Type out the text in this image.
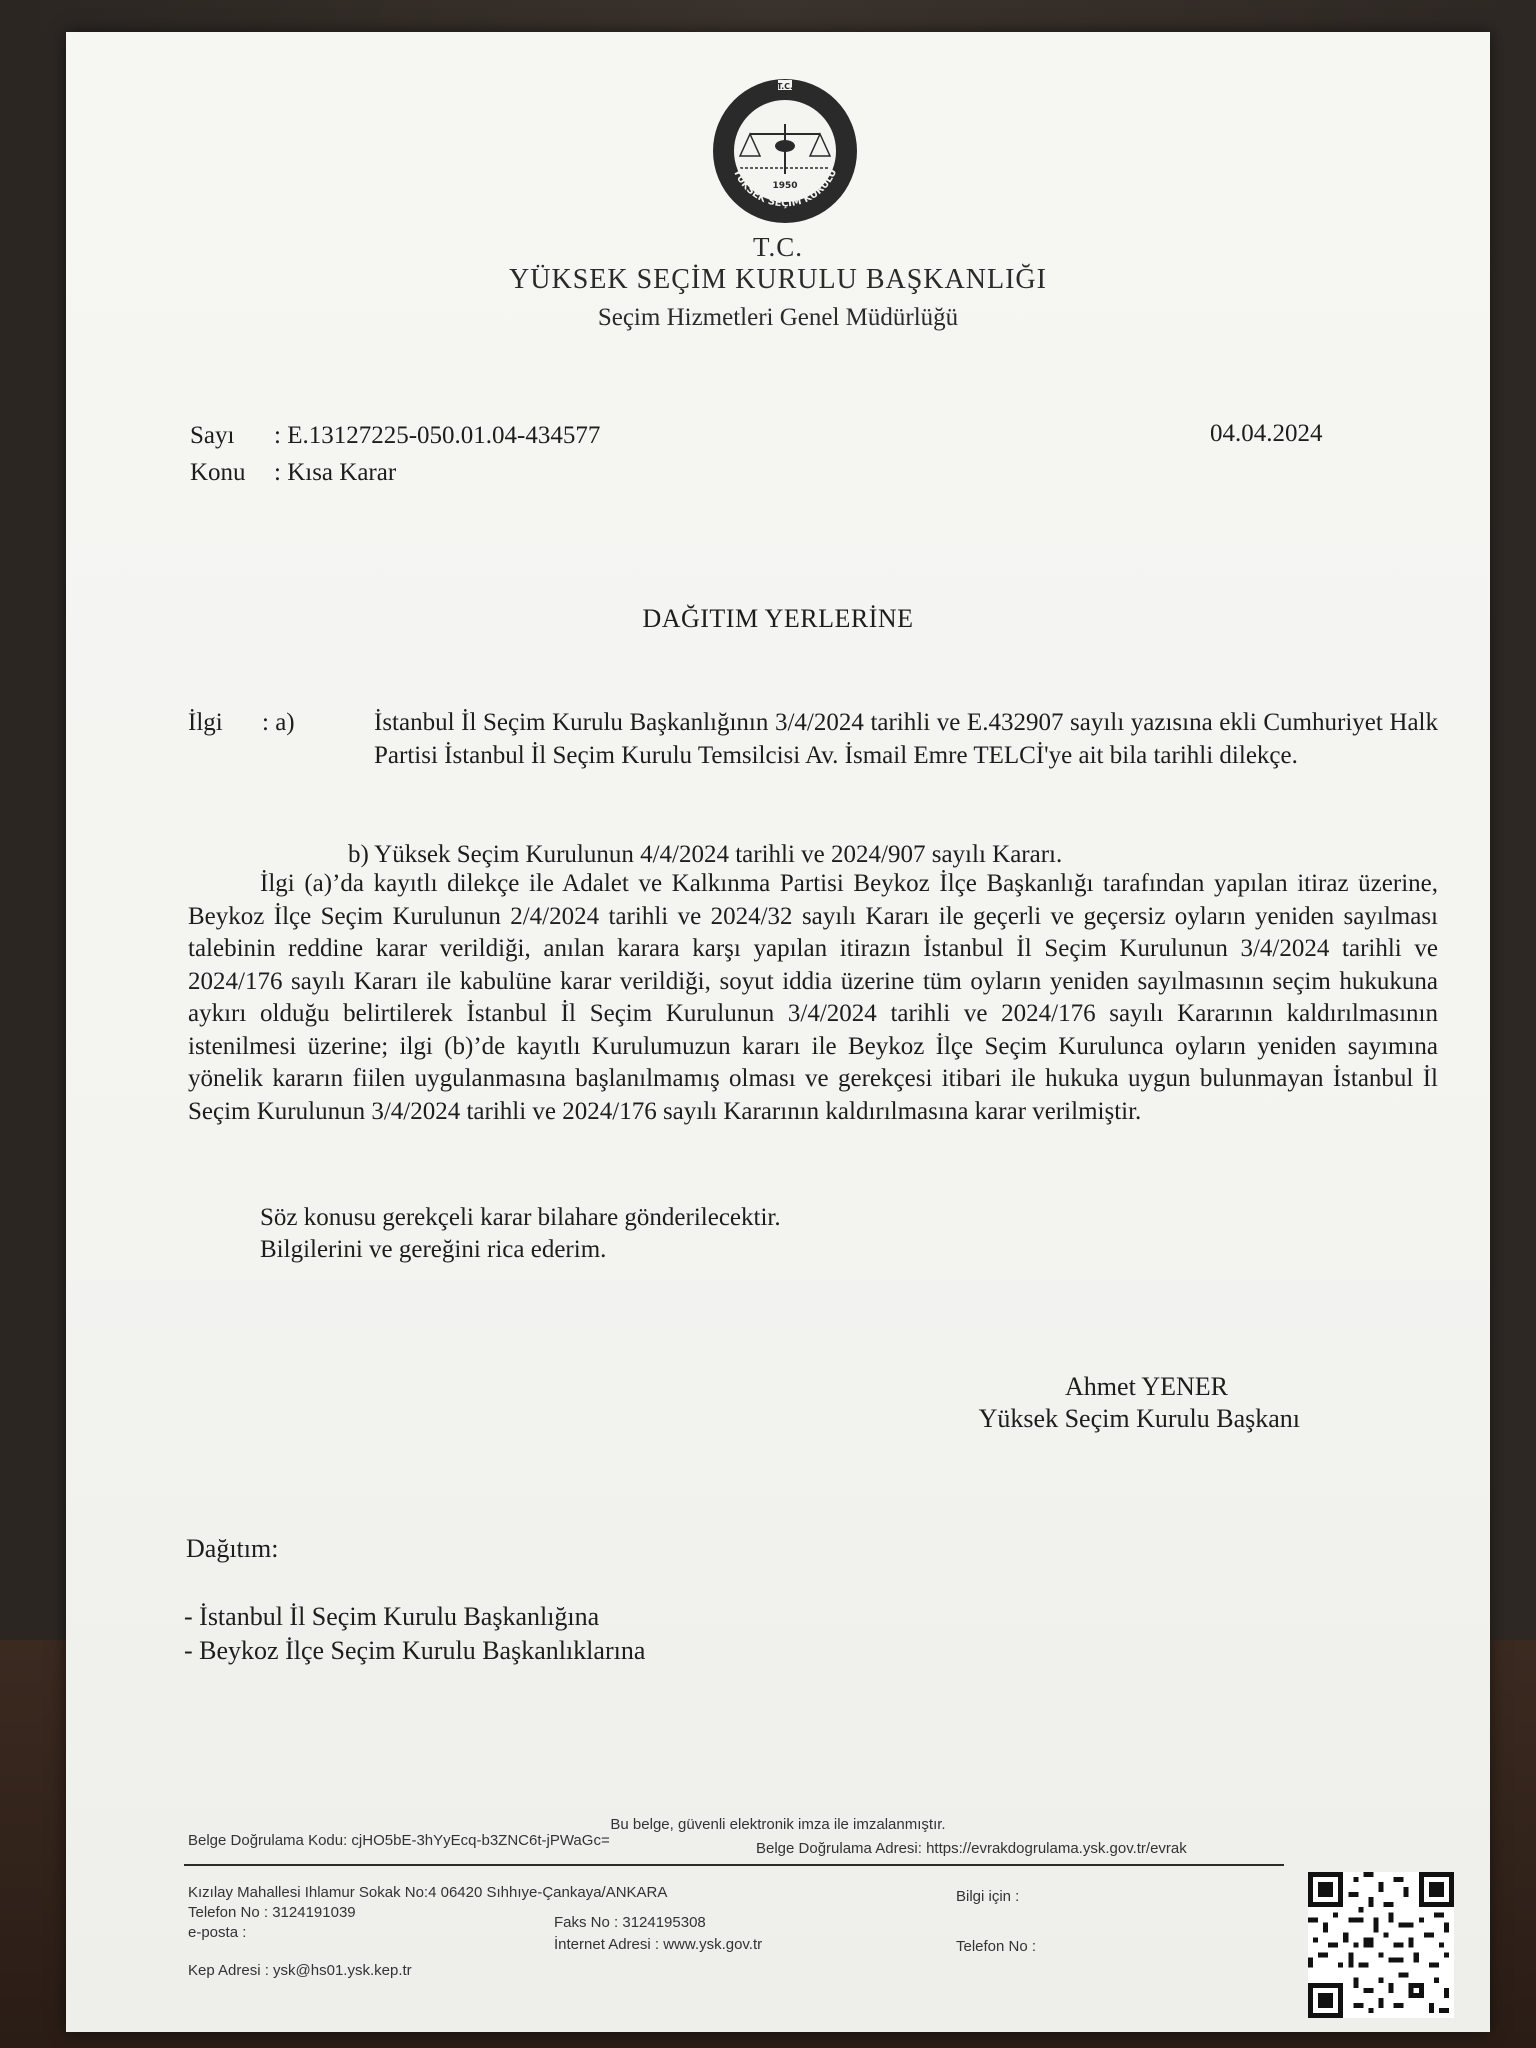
1950
T.C.
YÜKSEK SEÇİM KURULU
T.C.
YÜKSEK SEÇİM KURULU BAŞKANLIĞI
Seçim Hizmetleri Genel Müdürlüğü
Sayı : E.13127225-050.01.04-434577
Konu : Kısa Karar
04.04.2024
DAĞITIM YERLERİNE
İlgi : a)	İstanbul İl Seçim Kurulu Başkanlığının 3/4/2024 tarihli ve E.432907 sayılı yazısına ekli Cumhuriyet Halk Partisi İstanbul İl Seçim Kurulu Temsilcisi Av. İsmail Emre TELCİ'ye ait bila tarihli dilekçe.
b) Yüksek Seçim Kurulunun 4/4/2024 tarihli ve 2024/907 sayılı Kararı.
İlgi (a)’da kayıtlı dilekçe ile Adalet ve Kalkınma Partisi Beykoz İlçe Başkanlığı tarafından yapılan itiraz üzerine, Beykoz İlçe Seçim Kurulunun 2/4/2024 tarihli ve 2024/32 sayılı Kararı ile geçerli ve geçersiz oyların yeniden sayılması talebinin reddine karar verildiği, anılan karara karşı yapılan itirazın İstanbul İl Seçim Kurulunun 3/4/2024 tarihli ve 2024/176 sayılı Kararı ile kabulüne karar verildiği, soyut iddia üzerine tüm oyların yeniden sayılmasının seçim hukukuna aykırı olduğu belirtilerek İstanbul İl Seçim Kurulunun 3/4/2024 tarihli ve 2024/176 sayılı Kararının kaldırılmasının istenilmesi üzerine; ilgi (b)’de kayıtlı Kurulumuzun kararı ile Beykoz İlçe Seçim Kurulunca oyların yeniden sayımına yönelik kararın fiilen uygulanmasına başlanılmamış olması ve gerekçesi itibari ile hukuka uygun bulunmayan İstanbul İl Seçim Kurulunun 3/4/2024 tarihli ve 2024/176 sayılı Kararının kaldırılmasına karar verilmiştir.
Söz konusu gerekçeli karar bilahare gönderilecektir.
Bilgilerini ve gereğini rica ederim.
Ahmet YENER
Yüksek Seçim Kurulu Başkanı
Dağıtım:
- İstanbul İl Seçim Kurulu Başkanlığına
- Beykoz İlçe Seçim Kurulu Başkanlıklarına
Bu belge, güvenli elektronik imza ile imzalanmıştır.
Belge Doğrulama Kodu: cjHO5bE-3hYyEcq-b3ZNC6t-jPWaGc=	Belge Doğrulama Adresi: https://evrakdogrulama.ysk.gov.tr/evrak
Kızılay Mahallesi Ihlamur Sokak No:4 06420 Sıhhıye-Çankaya/ANKARA
Telefon No : 3124191039
e-posta :
Kep Adresi : ysk@hs01.ysk.kep.tr
Faks No : 3124195308
İnternet Adresi : www.ysk.gov.tr
Bilgi için :
Telefon No :
